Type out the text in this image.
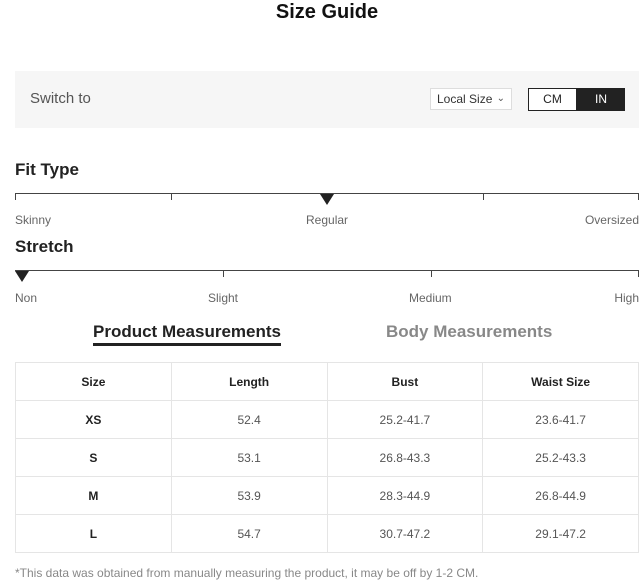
Size Guide
Switch to	Local Size ⌄	CM	IN
Fit Type
Skinny	Regular	Oversized
Stretch
Non	Slight	Medium	High
Product Measurements	Body Measurements
Size	Length	Bust	Waist Size
XS	52.4	25.2-41.7	23.6-41.7
S	53.1	26.8-43.3	25.2-43.3
M	53.9	28.3-44.9	26.8-44.9
L	54.7	30.7-47.2	29.1-47.2
*This data was obtained from manually measuring the product, it may be off by 1-2 CM.
